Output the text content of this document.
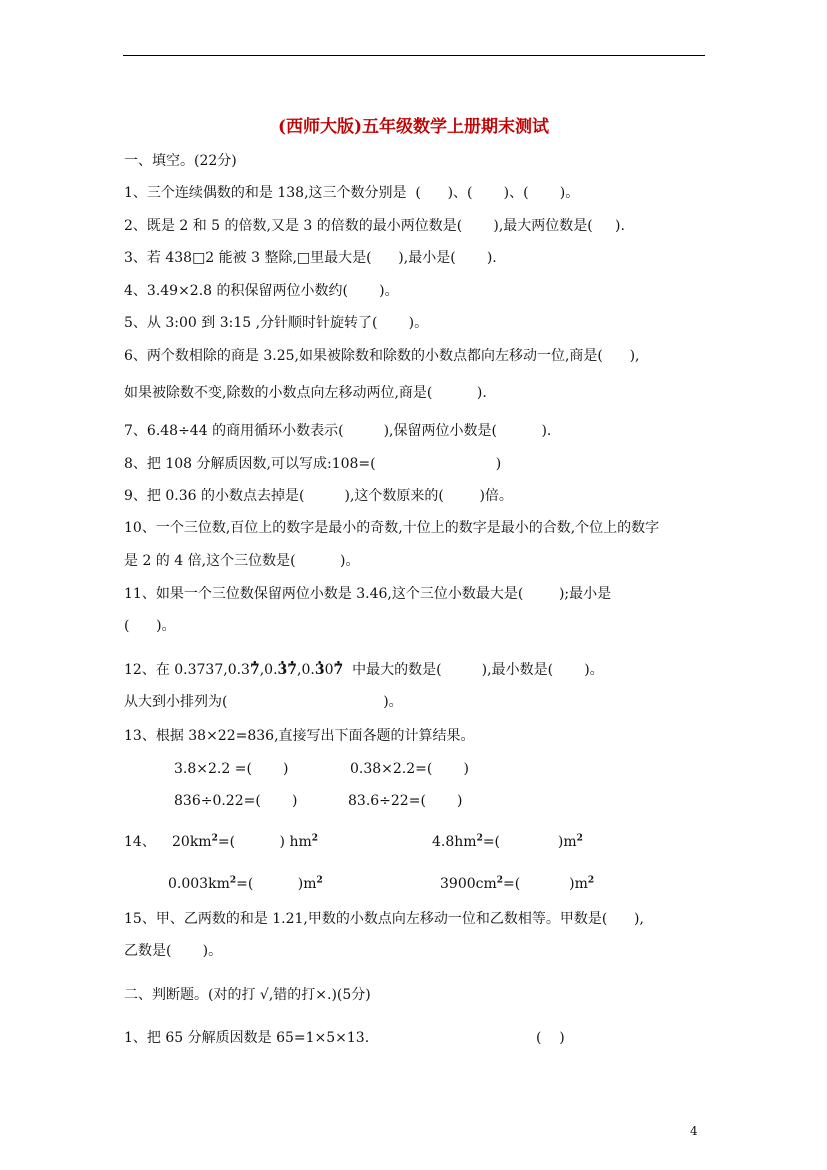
(西师大版)五年级数学上册期末测试
一、填空。(22分)
1、三个连续偶数的和是 138,这三个数分别是  (      )、(       )、(       )。
2、既是 2 和 5 的倍数,又是 3 的倍数的最小两位数是(       ),最大两位数是(     ).
3、若 438□2 能被 3 整除,□里最大是(      ),最小是(       ).
4、3.49×2.8 的积保留两位小数约(       )。
5、从 3:00 到 3:15 ,分针顺时针旋转了(       )。
6、两个数相除的商是 3.25,如果被除数和除数的小数点都向左移动一位,商是(      ),
如果被除数不变,除数的小数点向左移动两位,商是(          ).
7、6.48÷44 的商用循环小数表示(         ),保留两位小数是(          ).
8、把 108 分解质因数,可以写成:108=(                           )
9、把 0.36 的小数点去掉是(         ),这个数原来的(        )倍。
10、一个三位数,百位上的数字是最小的奇数,十位上的数字是最小的合数,个位上的数字
是 2 的 4 倍,这个三位数是(          )。
11、如果一个三位数保留两位小数是 3.46,这个三位小数最大是(        );最小是
(      )。
12、在 0.3737,0.3· 7,0.· 3· 7,0.· 30· 7  中最大的数是(         ),最小数是(       )。
从大到小排列为(                                   )。
13、根据 38×22=836,直接写出下面各题的计算结果。
3.8×2.2 =(       )	0.38×2.2=(       )
836÷0.22=(       )	83.6÷22=(       )
14、 $20km^2=$(          ) $hm^2$	$4.8hm^2=$(             )$m^2$
$0.003km^2=$(          )$m^2$	$3900cm^2=$(           )$m^2$
15、甲、乙两数的和是 1.21,甲数的小数点向左移动一位和乙数相等。甲数是(      ),
乙数是(       )。
二、判断题。(对的打 √,错的打×.)(5分)
1、把 65 分解质因数是 65=1×5×13.	(    )
4
